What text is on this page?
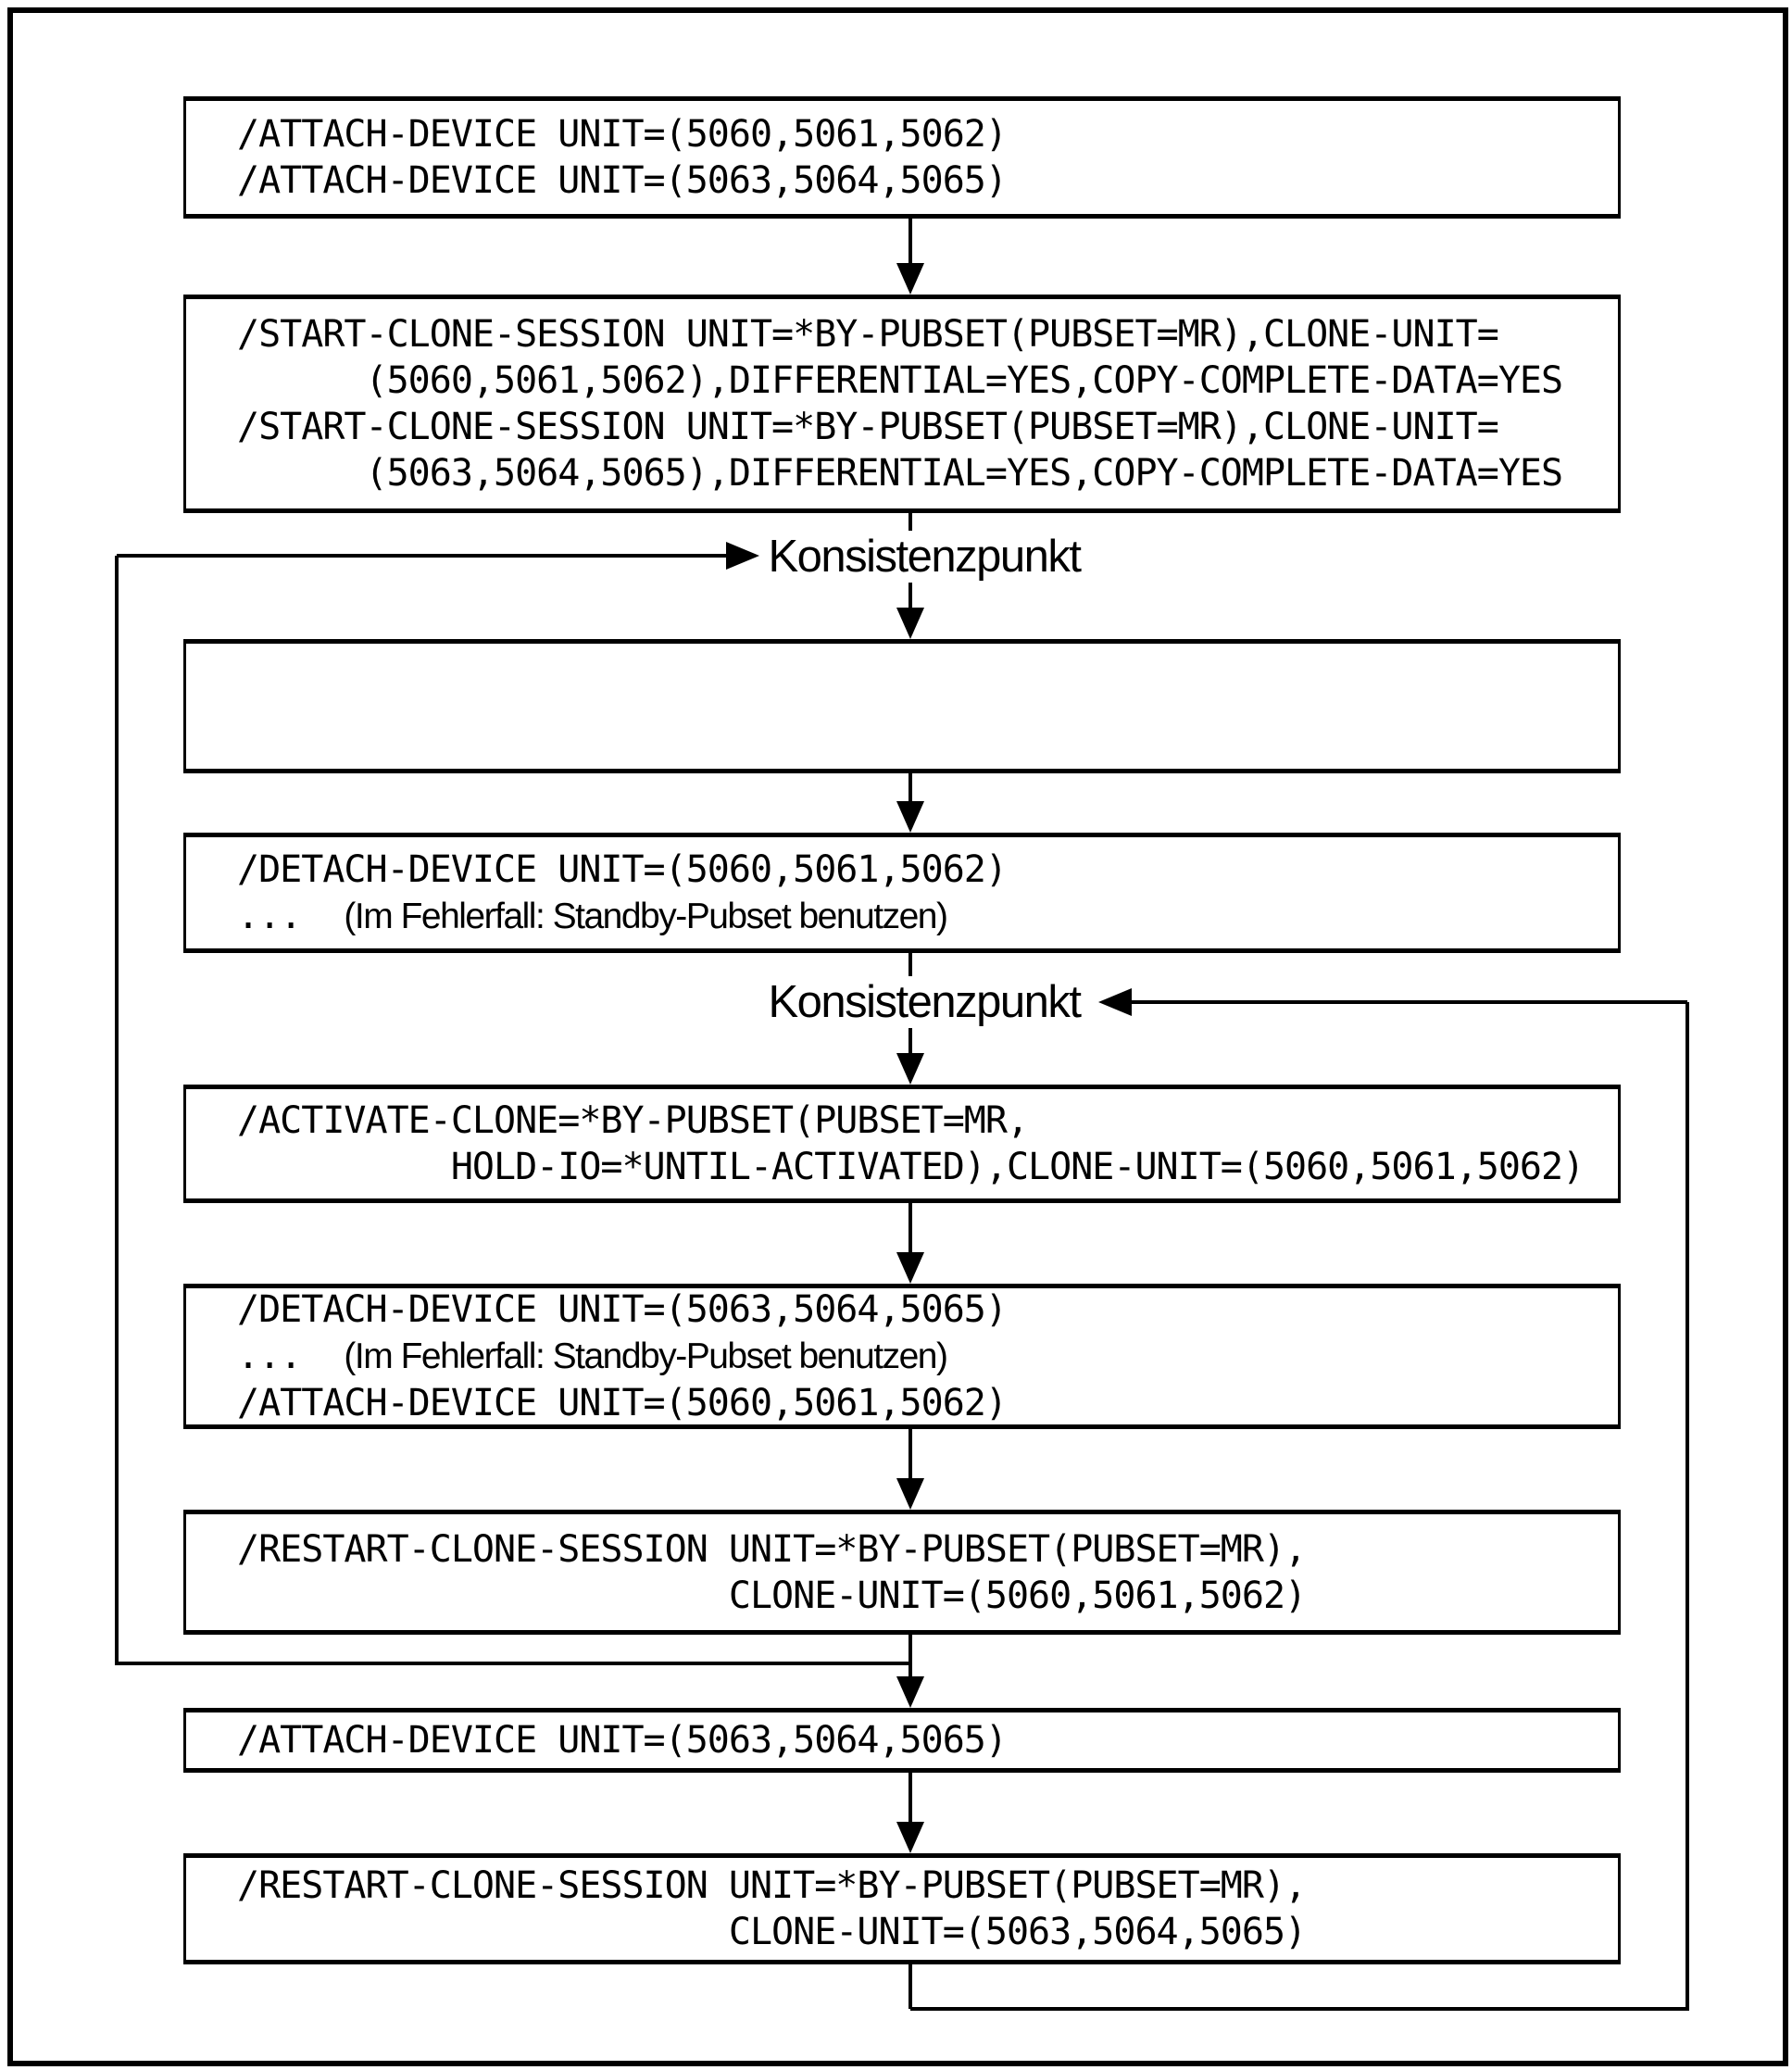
/ATTACH-DEVICE UNIT=(5060,5061,5062)
/ATTACH-DEVICE UNIT=(5063,5064,5065)
/START-CLONE-SESSION UNIT=*BY-PUBSET(PUBSET=MR),CLONE-UNIT=
(5060,5061,5062),DIFFERENTIAL=YES,COPY-COMPLETE-DATA=YES
/START-CLONE-SESSION UNIT=*BY-PUBSET(PUBSET=MR),CLONE-UNIT=
(5063,5064,5065),DIFFERENTIAL=YES,COPY-COMPLETE-DATA=YES
Konsistenzpunkt
/DETACH-DEVICE UNIT=(5060,5061,5062)
...  (Im Fehlerfall: Standby-Pubset benutzen)
Konsistenzpunkt
/ACTIVATE-CLONE=*BY-PUBSET(PUBSET=MR,
HOLD-IO=*UNTIL-ACTIVATED),CLONE-UNIT=(5060,5061,5062)
/DETACH-DEVICE UNIT=(5063,5064,5065)
...  (Im Fehlerfall: Standby-Pubset benutzen)
/ATTACH-DEVICE UNIT=(5060,5061,5062)
/RESTART-CLONE-SESSION UNIT=*BY-PUBSET(PUBSET=MR),
CLONE-UNIT=(5060,5061,5062)
/ATTACH-DEVICE UNIT=(5063,5064,5065)
/RESTART-CLONE-SESSION UNIT=*BY-PUBSET(PUBSET=MR),
CLONE-UNIT=(5063,5064,5065)
